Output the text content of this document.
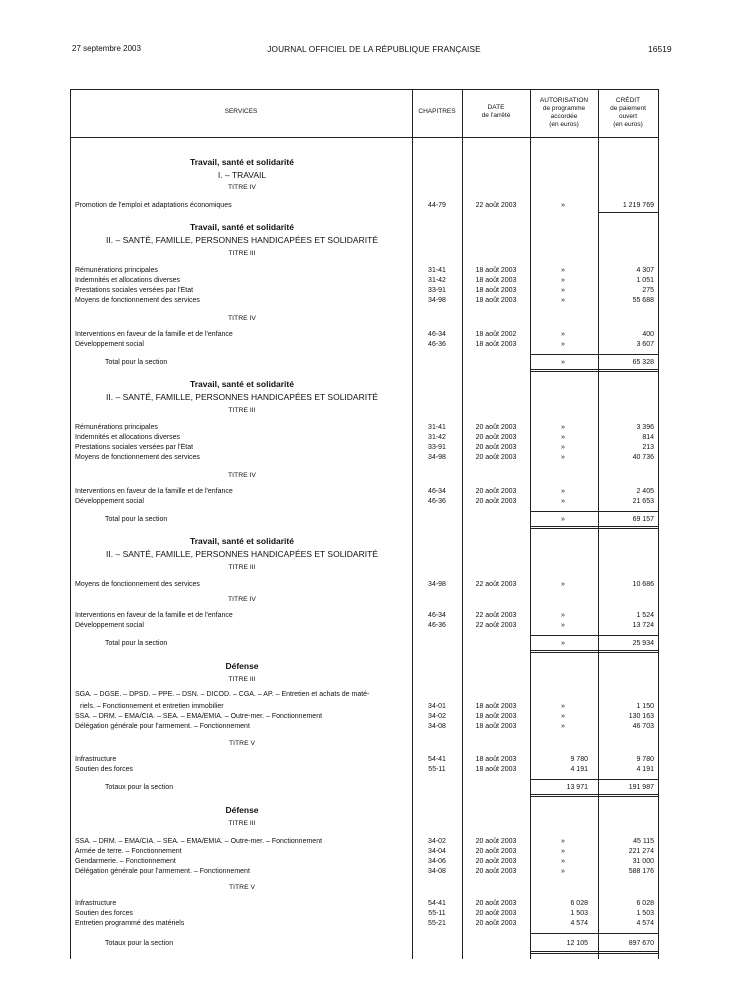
27 septembre 2003	JOURNAL OFFICIEL DE LA RÉPUBLIQUE FRANÇAISE	16519
SERVICES	CHAPITRES
DATE
de l'arrêté
AUTORISATION
de programme
accordée
(en euros)
CRÉDIT
de paiement
ouvert
(en euros)
Travail, santé et solidarité
I. – TRAVAIL
TITRE IV
Promotion de l'emploi et adaptations économiques	44-79	22 août 2003	»	1 219 769
Travail, santé et solidarité
II. – SANTÉ, FAMILLE, PERSONNES HANDICAPÉES ET SOLIDARITÉ
TITRE III
Rémunérations principales	31-41	18 août 2003	»	4 307
Indemnités et allocations diverses	31-42	18 août 2003	»	1 051
Prestations sociales versées par l'État	33-91	18 août 2003	»	275
Moyens de fonctionnement des services	34-98	18 août 2003	»	55 688
TITRE IV
Interventions en faveur de la famille et de l'enfance	46-34	18 août 2002	»	400
Développement social	46-36	18 août 2003	»	3 607
Total pour la section	»	65 328
Travail, santé et solidarité
II. – SANTÉ, FAMILLE, PERSONNES HANDICAPÉES ET SOLIDARITÉ
TITRE III
Rémunérations principales	31-41	20 août 2003	»	3 396
Indemnités et allocations diverses	31-42	20 août 2003	»	814
Prestations sociales versées par l'État	33-91	20 août 2003	»	213
Moyens de fonctionnement des services	34-98	20 août 2003	»	40 736
TITRE IV
Interventions en faveur de la famille et de l'enfance	46-34	20 août 2003	»	2 405
Développement social	46-36	20 août 2003	»	21 653
Total pour la section	»	69 157
Travail, santé et solidarité
II. – SANTÉ, FAMILLE, PERSONNES HANDICAPÉES ET SOLIDARITÉ
TITRE III
Moyens de fonctionnement des services	34-98	22 août 2003	»	10 686
TITRE IV
Interventions en faveur de la famille et de l'enfance	46-34	22 août 2003	»	1 524
Développement social	46-36	22 août 2003	»	13 724
Total pour la section	»	25 934
Défense
TITRE III
SGA. – DGSE. – DPSD. – PPE. – DSN. – DICOD. – CGA. – AP. – Entretien et achats de maté-
riels. – Fonctionnement et entretien immobilier	34-01	18 août 2003	»	1 150
SSA. – DRM. – EMA/CIA. – SEA. – EMA/EMIA. – Outre-mer. – Fonctionnement	34-02	18 août 2003	»	130 163
Délégation générale pour l'armement. – Fonctionnement	34-08	18 août 2003	»	46 703
TITRE V
Infrastructure	54-41	18 août 2003	9 780	9 780
Soutien des forces	55-11	18 août 2003	4 191	4 191
Totaux pour la section	13 971	191 987
Défense
TITRE III
SSA. – DRM. – EMA/CIA. – SEA. – EMA/EMIA. – Outre-mer. – Fonctionnement	34-02	20 août 2003	»	45 115
Armée de terre. – Fonctionnement	34-04	20 août 2003	»	221 274
Gendarmerie. – Fonctionnement	34-06	20 août 2003	»	31 000
Délégation générale pour l'armement. – Fonctionnement	34-08	20 août 2003	»	588 176
TITRE V
Infrastructure	54-41	20 août 2003	6 028	6 028
Soutien des forces	55-11	20 août 2003	1 503	1 503
Entretien programmé des matériels	55-21	20 août 2003	4 574	4 574
Totaux pour la section	12 105	897 670
